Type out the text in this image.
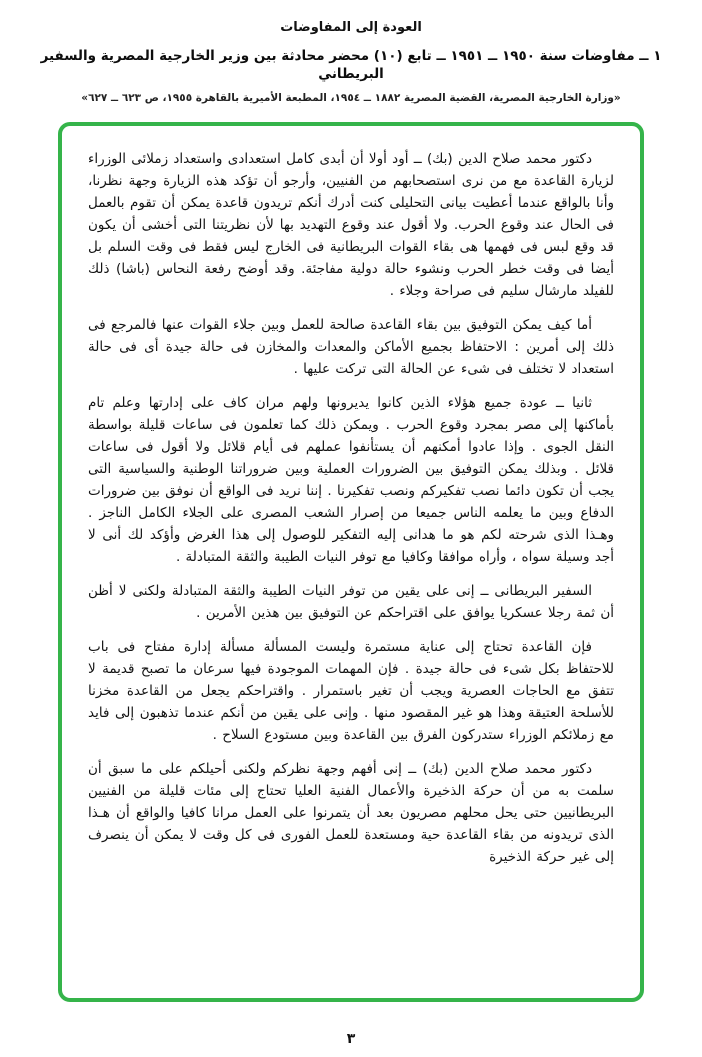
العودة إلى المفاوضات
١ ــ مفاوضات سنة ١٩٥٠ ــ ١٩٥١ ــ تابع (١٠) محضر محادثة بين وزير الخارجية المصرية والسفير البريطاني
«وزارة الخارجية المصرية، القضية المصرية ١٨٨٢ ــ ١٩٥٤، المطبعة الأميرية بالقاهرة ١٩٥٥، ص ٦٢٣ ــ ٦٢٧»

دكتور محمد صلاح الدين (بك) ــ أود أولا أن أبدى كامل استعدادى واستعداد زملائى الوزراء لزيارة القاعدة مع من نرى استصحابهم من الفنيين، وأرجو أن تؤكد هذه الزيارة وجهة نظرنا، وأنا بالواقع عندما أعطيت بيانى التحليلى كنت أدرك أنكم تريدون قاعدة يمكن أن تقوم بالعمل فى الحال عند وقوع الحرب. ولا أقول عند وقوع التهديد بها لأن نظريتنا التى أخشى أن يكون قد وقع لبس فى فهمها هى بقاء القوات البريطانية فى الخارج ليس فقط فى وقت السلم بل أيضا فى وقت خطر الحرب ونشوء حالة دولية مفاجئة. وقد أوضح رفعة النحاس (باشا) ذلك للفيلد مارشال سليم فى صراحة وجلاء .

أما كيف يمكن التوفيق بين بقاء القاعدة صالحة للعمل وبين جلاء القوات عنها فالمرجع فى ذلك إلى أمرين : الاحتفاظ بجميع الأماكن والمعدات والمخازن فى حالة جيدة أى فى حالة استعداد لا تختلف فى شىء عن الحالة التى تركت عليها .

ثانيا ــ عودة جميع هؤلاء الذين كانوا يديرونها ولهم مران كاف على إدارتها وعلم تام بأماكنها إلى مصر بمجرد وقوع الحرب . ويمكن ذلك كما تعلمون فى ساعات قليلة بواسطة النقل الجوى . وإذا عادوا أمكنهم أن يستأنفوا عملهم فى أيام قلائل ولا أقول فى ساعات قلائل . وبذلك يمكن التوفيق بين الضرورات العملية وبين ضروراتنا الوطنية والسياسية التى يجب أن تكون دائما نصب تفكيركم ونصب تفكيرنا . إننا نريد فى الواقع أن نوفق بين ضرورات الدفاع وبين ما يعلمه الناس جميعا من إصرار الشعب المصرى على الجلاء الكامل الناجز . وهـذا الذى شرحته لكم هو ما هدانى إليه التفكير للوصول إلى هذا الغرض وأؤكد لك أنى لا أجد وسيلة سواه ، وأراه موافقا وكافيا مع توفر النيات الطيبة والثقة المتبادلة .

السفير البريطانى ــ إنى على يقين من توفر النيات الطيبة والثقة المتبادلة ولكنى لا أظن أن ثمة رجلا عسكريا يوافق على اقتراحكم عن التوفيق بين هذين الأمرين .

فإن القاعدة تحتاج إلى عناية مستمرة وليست المسألة مسألة إدارة مفتاح فى باب للاحتفاظ بكل شىء فى حالة جيدة . فإن المهمات الموجودة فيها سرعان ما تصبح قديمة لا تتفق مع الحاجات العصرية ويجب أن تغير باستمرار . واقتراحكم يجعل من القاعدة مخزنا للأسلحة العتيقة وهذا هو غير المقصود منها . وإنى على يقين من أنكم عندما تذهبون إلى فايد مع زملائكم الوزراء ستدركون الفرق بين القاعدة وبين مستودع السلاح .

دكتور محمد صلاح الدين (بك) ــ إنى أفهم وجهة نظركم ولكنى أحيلكم على ما سبق أن سلمت به من أن حركة الذخيرة والأعمال الفنية العليا تحتاج إلى مئات قليلة من الفنيين البريطانيين حتى يحل محلهم مصريون بعد أن يتمرنوا على العمل مرانا كافيا والواقع أن هـذا الذى تريدونه من بقاء القاعدة حية ومستعدة للعمل الفورى فى كل وقت لا يمكن أن ينصرف إلى غير حركة الذخيرة

٣
